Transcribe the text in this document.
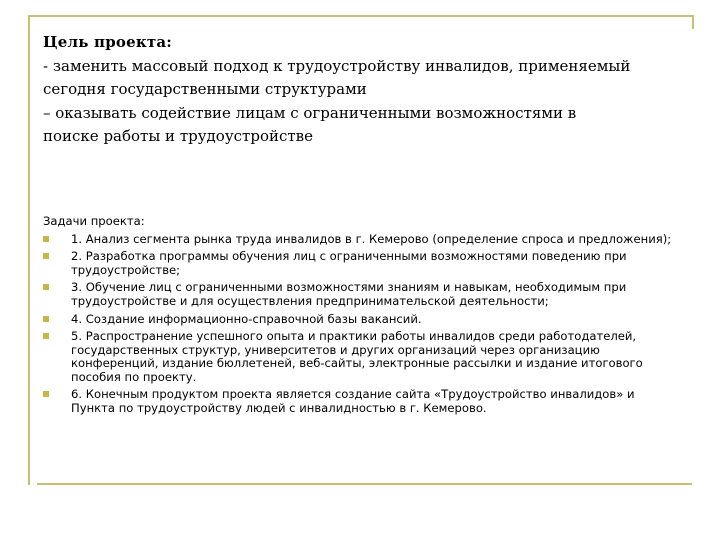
Цель проекта:
- заменить массовый подход к трудоустройству инвалидов, применяемый
сегодня государственными структурами
– оказывать содействие лицам с ограниченными возможностями в
поиске работы и трудоустройстве
Задачи проекта:
1. Анализ сегмента рынка труда инвалидов в г. Кемерово (определение спроса и предложения);
2. Разработка программы обучения лиц с ограниченными возможностями поведению при трудоустройстве;
3. Обучение лиц с ограниченными возможностями знаниям и навыкам, необходимым при трудоустройстве и для осуществления предпринимательской деятельности;
4. Создание информационно-справочной базы вакансий.
5. Распространение успешного опыта и практики работы инвалидов среди работодателей, государственных структур, университетов и других организаций через организацию конференций, издание бюллетеней, веб-сайты, электронные рассылки и издание итогового пособия по проекту.
6. Конечным продуктом проекта является создание сайта «Трудоустройство инвалидов» и Пункта по трудоустройству людей с инвалидностью в г. Кемерово.
